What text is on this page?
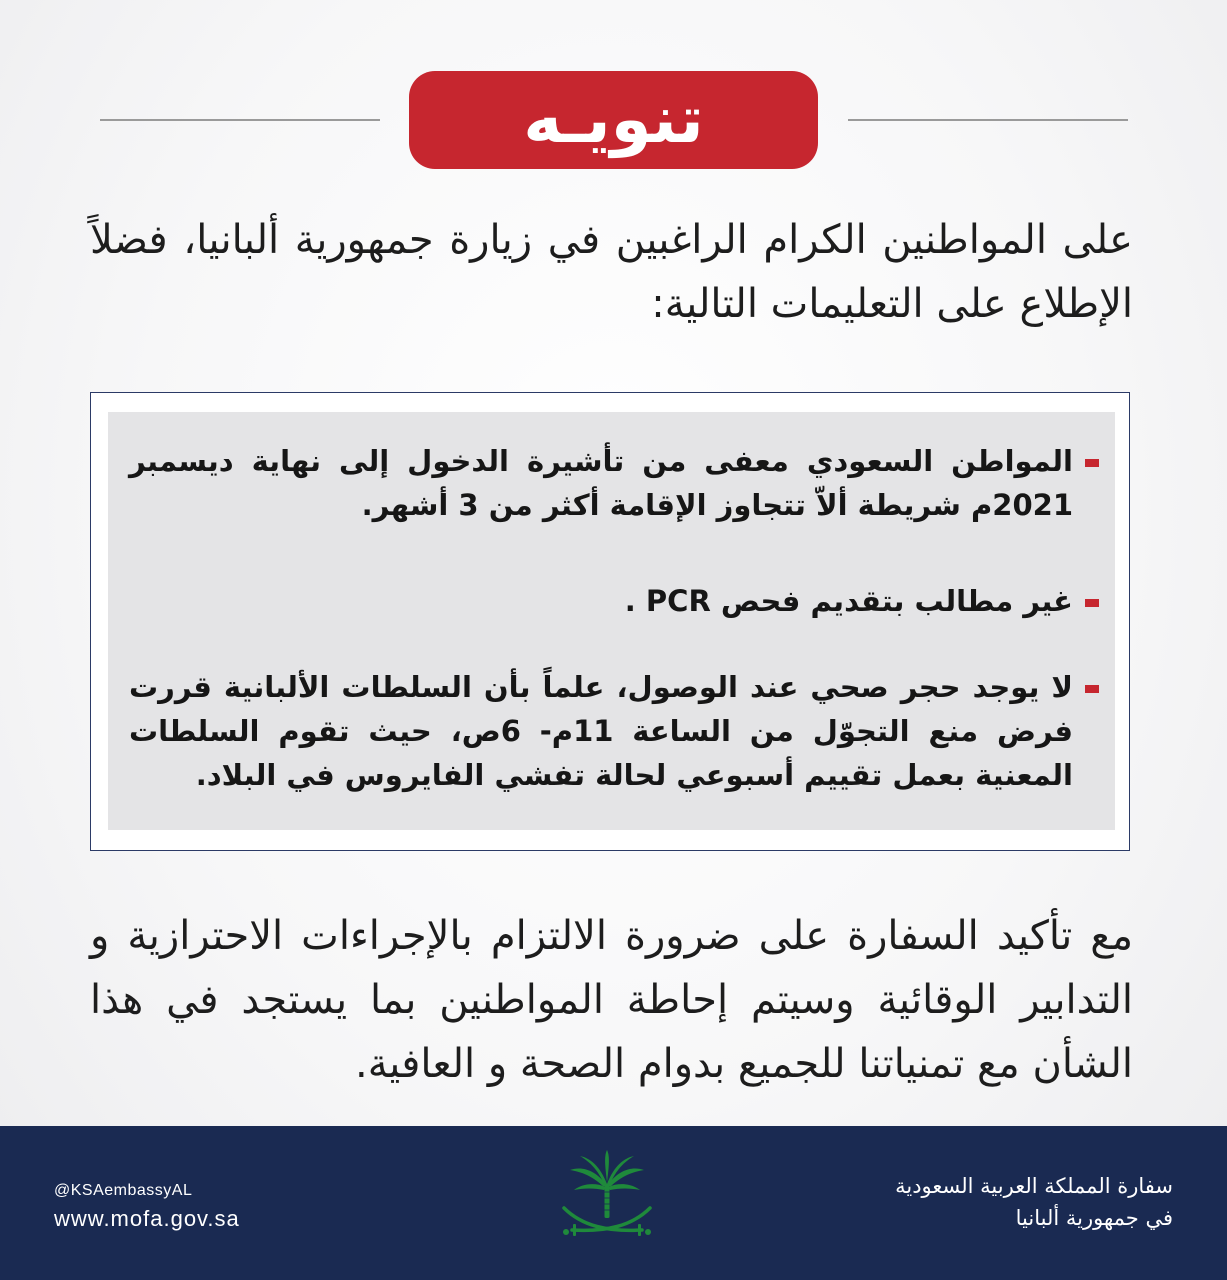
تنويـه
على المواطنين الكرام الراغبين في زيارة جمهورية ألبانيا، فضلاً الإطلاع على التعليمات التالية:
المواطن السعودي معفى من تأشيرة الدخول إلى نهاية ديسمبر 2021م شريطة ألاّ تتجاوز الإقامة أكثر من 3 أشهر.
غير مطالب بتقديم فحص PCR .
لا يوجد حجر صحي عند الوصول، علماً بأن السلطات الألبانية قررت فرض منع التجوّل من الساعة 11م- 6ص، حيث تقوم السلطات المعنية بعمل تقييم أسبوعي لحالة تفشي الفايروس في البلاد.
مع تأكيد السفارة على ضرورة الالتزام بالإجراءات الاحترازية و التدابير الوقائية وسيتم إحاطة المواطنين بما يستجد في هذا الشأن مع تمنياتنا للجميع بدوام الصحة و العافية.
@KSAembassyAL
www.mofa.gov.sa
سفارة المملكة العربية السعودية
في جمهورية ألبانيا
